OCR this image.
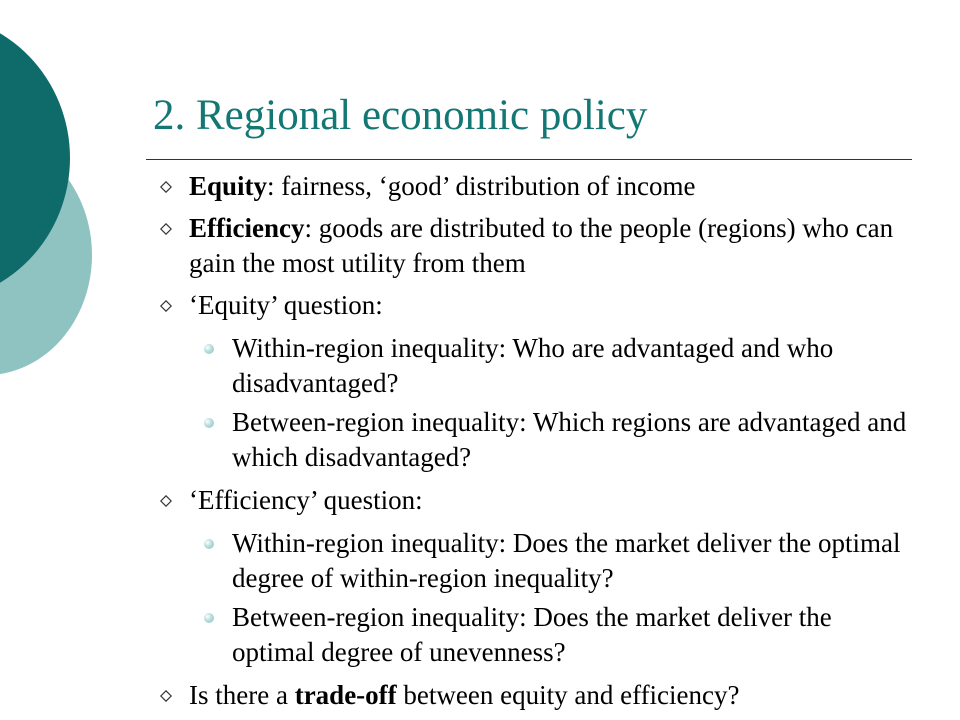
2. Regional economic policy
Equity: fairness, ‘good’ distribution of income
Efficiency: goods are distributed to the people (regions) who can gain the most utility from them
‘Equity’ question:
Within-region inequality: Who are advantaged and who disadvantaged?
Between-region inequality: Which regions are advantaged and which disadvantaged?
‘Efficiency’ question:
Within-region inequality: Does the market deliver the optimal degree of within-region inequality?
Between-region inequality: Does the market deliver the optimal degree of unevenness?
Is there a trade-off between equity and efficiency?
